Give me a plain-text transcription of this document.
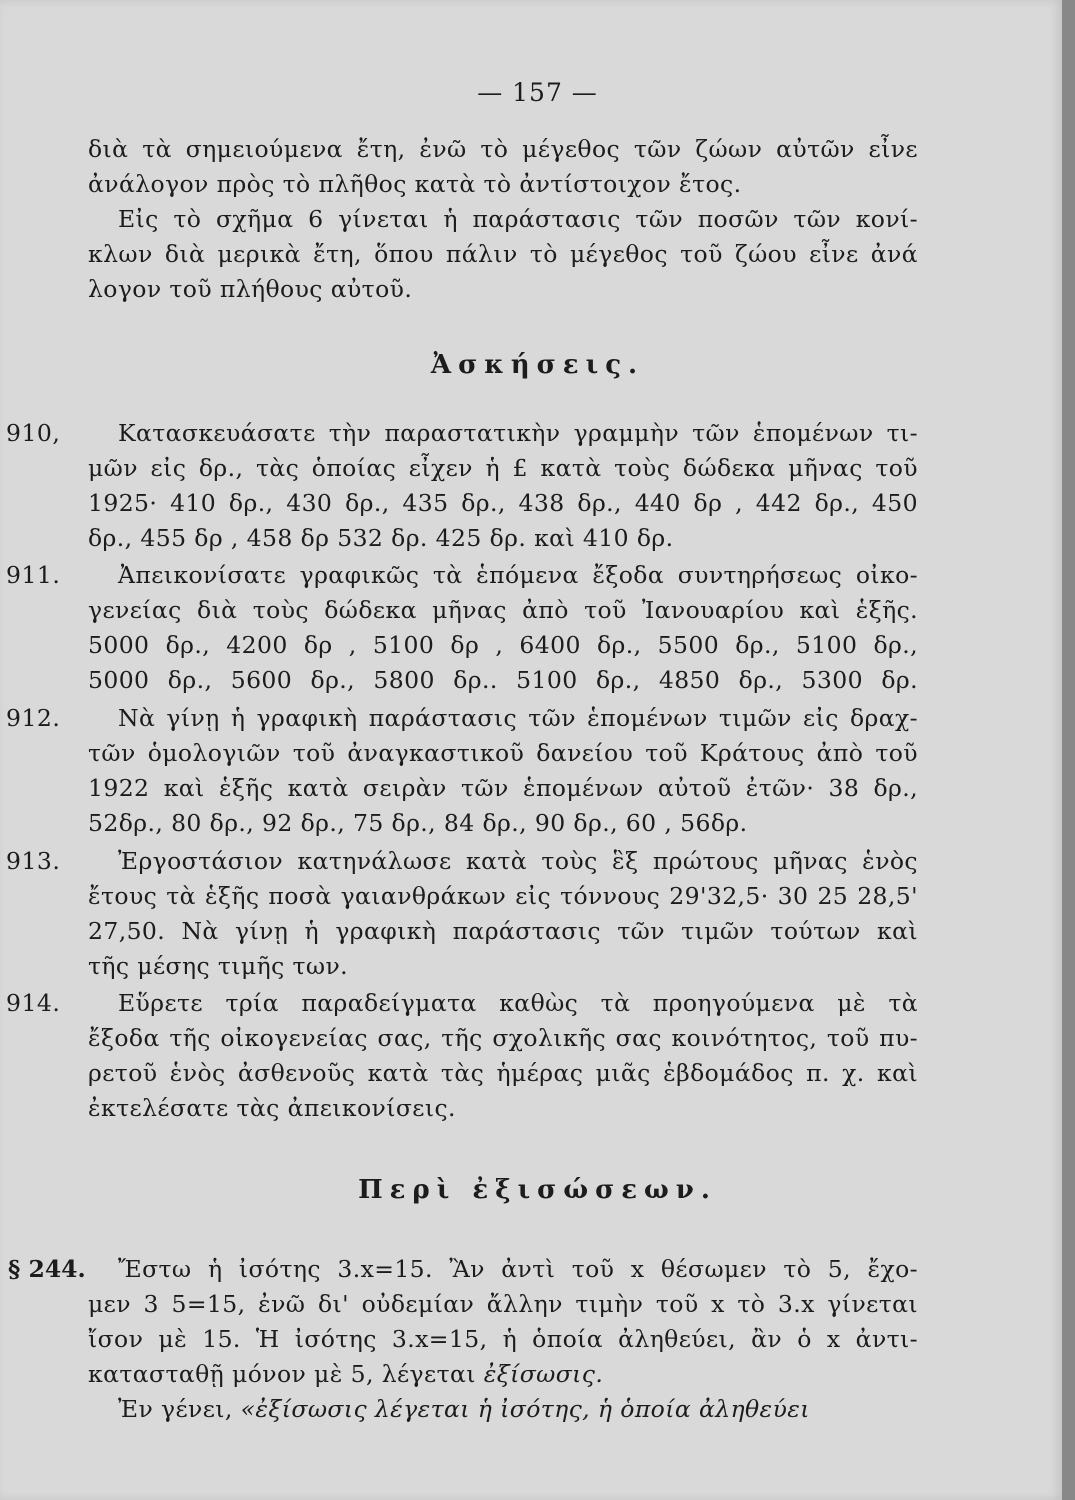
— 157 —
διὰ τὰ σημειούμενα ἔτη, ἐνῶ τὸ μέγεθος τῶν ζώων αὐτῶν εἶνε
ἀνάλογον πρὸς τὸ πλῆθος κατὰ τὸ ἀντίστοιχον ἔτος.
Εἰς τὸ σχῆμα 6 γίνεται ἡ παράστασις τῶν ποσῶν τῶν κονί-
κλων διὰ μερικὰ ἔτη, ὅπου πάλιν τὸ μέγεθος τοῦ ζώου εἶνε ἀνά
λογον τοῦ πλήθους αὐτοῦ.
Ἀσκήσεις.
910, Κατασκευάσατε τὴν παραστατικὴν γραμμὴν τῶν ἑπομένων τι-
μῶν εἰς δρ., τὰς ὁποίας εἶχεν ἡ £ κατὰ τοὺς δώδεκα μῆνας τοῦ
1925· 410 δρ., 430 δρ., 435 δρ., 438 δρ., 440 δρ , 442 δρ., 450
δρ., 455 δρ , 458 δρ 532 δρ. 425 δρ. καὶ 410 δρ.
911. Ἀπεικονίσατε γραφικῶς τὰ ἑπόμενα ἔξοδα συντηρήσεως οἰκο-
γενείας διὰ τοὺς δώδεκα μῆνας ἀπὸ τοῦ Ἰανουαρίου καὶ ἑξῆς.
5000 δρ., 4200 δρ , 5100 δρ , 6400 δρ., 5500 δρ., 5100 δρ.,
5000 δρ., 5600 δρ., 5800 δρ.. 5100 δρ., 4850 δρ., 5300 δρ.
912. Νὰ γίνῃ ἡ γραφικὴ παράστασις τῶν ἑπομένων τιμῶν εἰς δραχ-
τῶν ὁμολογιῶν τοῦ ἀναγκαστικοῦ δανείου τοῦ Κράτους ἀπὸ τοῦ
1922 καὶ ἑξῆς κατὰ σειρὰν τῶν ἑπομένων αὐτοῦ ἐτῶν· 38 δρ.,
52δρ., 80 δρ., 92 δρ., 75 δρ., 84 δρ., 90 δρ., 60 , 56δρ.
913. Ἐργοστάσιον κατηνάλωσε κατὰ τοὺς ἓξ πρώτους μῆνας ἑνὸς
ἔτους τὰ ἑξῆς ποσὰ γαιανθράκων εἰς τόννους 29'32,5· 30 25 28,5'
27,50. Νὰ γίνῃ ἡ γραφικὴ παράστασις τῶν τιμῶν τούτων καὶ
τῆς μέσης τιμῆς των.
914. Εὕρετε τρία παραδείγματα καθὼς τὰ προηγούμενα μὲ τὰ
ἔξοδα τῆς οἰκογενείας σας, τῆς σχολικῆς σας κοινότητος, τοῦ πυ-
ρετοῦ ἑνὸς ἀσθενοῦς κατὰ τὰς ἡμέρας μιᾶς ἑβδομάδος π. χ. καὶ
ἐκτελέσατε τὰς ἀπεικονίσεις.
Περὶ ἐξισώσεων.
§ 244. Ἔστω ἡ ἰσότης 3.x=15. Ἂν ἀντὶ τοῦ x θέσωμεν τὸ 5, ἔχο-
μεν 3 5=15, ἐνῶ δι' οὐδεμίαν ἄλλην τιμὴν τοῦ x τὸ 3.x γίνεται
ἴσον μὲ 15. Ἡ ἰσότης 3.x=15, ἡ ὁποία ἀληθεύει, ἂν ὁ x ἀντι-
κατασταθῇ μόνον μὲ 5, λέγεται ἐξίσωσις.
Ἐν γένει, «ἐξίσωσις λέγεται ἡ ἰσότης, ἡ ὁποία ἀληθεύει
